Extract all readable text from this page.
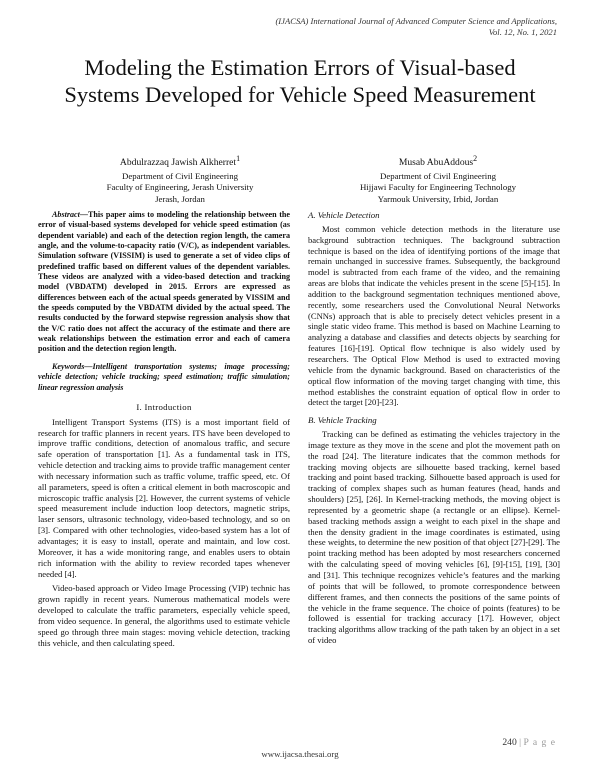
(IJACSA) International Journal of Advanced Computer Science and Applications,
Vol. 12, No. 1, 2021
Modeling the Estimation Errors of Visual-based
Systems Developed for Vehicle Speed Measurement
Abdulrazzaq Jawish Alkherret$^1$
Department of Civil Engineering
Faculty of Engineering, Jerash University
Jerash, Jordan
Musab AbuAddous$^2$
Department of Civil Engineering
Hijjawi Faculty for Engineering Technology
Yarmouk University, Irbid, Jordan

Abstract—This paper aims to modeling the relationship between the error of visual-based systems developed for vehicle speed estimation (as dependent variable) and each of the detection region length, the camera angle, and the volume-to-capacity ratio (V/C), as independent variables. Simulation software (VISSIM) is used to generate a set of video clips of predefined traffic based on different values of the dependent variables. These videos are analyzed with a video-based detection and tracking model (VBDATM) developed in 2015. Errors are expressed as differences between each of the actual speeds generated by VISSIM and the speeds computed by the VBDATM divided by the actual speed. The results conducted by the forward stepwise regression analysis show that the V/C ratio does not affect the accuracy of the estimate and there are weak relationships between the estimation error and each of camera position and the detection region length.

Keywords—Intelligent transportation systems; image processing; vehicle detection; vehicle tracking; speed estimation; traffic simulation; linear regression analysis

I. Introduction

Intelligent Transport Systems (ITS) is a most important field of research for traffic planners in recent years. ITS have been developed to improve traffic conditions, detection of anomalous traffic, and secure safe operation of transportation [1]. As a fundamental task in ITS, vehicle detection and tracking aims to provide traffic management center with necessary information such as traffic volume, traffic speed, etc. Of all parameters, speed is often a critical element in both macroscopic and microscopic traffic analysis [2]. However, the current systems of vehicle speed measurement include induction loop detectors, magnetic strips, laser sensors, ultrasonic technology, video-based technology, and so on [3]. Compared with other technologies, video-based system has a lot of advantages; it is easy to install, operate and maintain, and low cost. Moreover, it has a wide monitoring range, and enables users to obtain rich information with the ability to review recorded tapes whenever needed [4].

Video-based approach or Video Image Processing (VIP) technic has grown rapidly in recent years. Numerous mathematical models were developed to calculate the traffic parameters, especially vehicle speed, from video sequence. In general, the algorithms used to estimate vehicle speed go through three main stages: moving vehicle detection, tracking this vehicle, and then calculating speed.

A. Vehicle Detection

Most common vehicle detection methods in the literature use background subtraction techniques. The background subtraction technique is based on the idea of identifying portions of the image that remain unchanged in successive frames. Subsequently, the background model is subtracted from each frame of the video, and the remaining areas are blobs that indicate the vehicles present in the scene [5]-[15]. In addition to the background segmentation techniques mentioned above, recently, some researchers used the Convolutional Neural Networks (CNNs) approach that is able to precisely detect vehicles present in a single static video frame. This method is based on Machine Learning to analyzing a database and classifies and detects objects by searching for features [16]-[19]. Optical flow technique is also widely used by researchers. The Optical Flow Method is used to extracted moving vehicle from the dynamic background. Based on characteristics of the optical flow information of the moving target changing with time, this method establishes the constraint equation of optical flow in order to detect the target [20]-[23].

B. Vehicle Tracking

Tracking can be defined as estimating the vehicles trajectory in the image texture as they move in the scene and plot the movement path on the road [24]. The literature indicates that the common methods for tracking moving objects are silhouette based tracking, kernel based tracking and point based tracking. Silhouette based approach is used for tracking of complex shapes such as human features (head, hands and shoulders) [25], [26]. In Kernel-tracking methods, the moving object is represented by a geometric shape (a rectangle or an ellipse). Kernel-based tracking methods assign a weight to each pixel in the shape and then the density gradient in the image coordinates is estimated, using these weights, to determine the new position of that object [27]-[29]. The point tracking method has been adopted by most researchers concerned with the calculating speed of moving vehicles [6], [9]-[15], [19], [30] and [31]. This technique recognizes vehicle’s features and the marking of points that will be followed, to promote correspondence between different frames, and then connects the positions of the same points of the vehicle in the frame sequence. The choice of points (features) to be followed is essential for tracking accuracy [17]. However, object tracking algorithms allow tracking of the path taken by an object in a set of video

240 | P a g e
www.ijacsa.thesai.org
